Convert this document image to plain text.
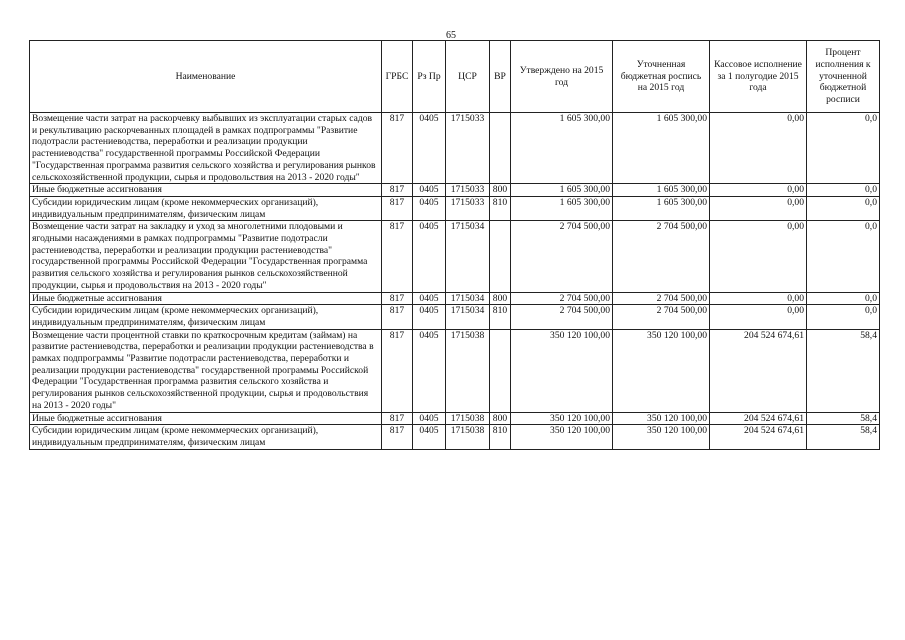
65
Наименование	ГРБС	Рз Пр	ЦСР	ВР	Утверждено на 2015 год	Уточненная бюджетная роспись на 2015 год	Кассовое исполнение за 1 полугодие 2015 года	Процент исполнения к уточненной бюджетной росписи
Возмещение части затрат на раскорчевку выбывших из эксплуатации старых садов и рекультивацию раскорчеванных площадей в рамках подпрограммы "Развитие подотрасли растениеводства, переработки и реализации продукции растениеводства" государственной программы Российской Федерации "Государственная программа развития сельского хозяйства и регулирования рынков сельскохозяйственной продукции, сырья и продовольствия на 2013 - 2020 годы"	817	0405	1715033		1 605 300,00	1 605 300,00	0,00	0,0
Иные бюджетные ассигнования	817	0405	1715033	800	1 605 300,00	1 605 300,00	0,00	0,0
Субсидии юридическим лицам (кроме некоммерческих организаций), индивидуальным предпринимателям, физическим лицам	817	0405	1715033	810	1 605 300,00	1 605 300,00	0,00	0,0
Возмещение части затрат на закладку и уход за многолетними плодовыми и ягодными насаждениями в рамках подпрограммы "Развитие подотрасли растениеводства, переработки и реализации продукции растениеводства" государственной программы Российской Федерации "Государственная программа развития сельского хозяйства и регулирования рынков сельскохозяйственной продукции, сырья и продовольствия на 2013 - 2020 годы"	817	0405	1715034		2 704 500,00	2 704 500,00	0,00	0,0
Иные бюджетные ассигнования	817	0405	1715034	800	2 704 500,00	2 704 500,00	0,00	0,0
Субсидии юридическим лицам (кроме некоммерческих организаций), индивидуальным предпринимателям, физическим лицам	817	0405	1715034	810	2 704 500,00	2 704 500,00	0,00	0,0
Возмещение части процентной ставки по краткосрочным кредитам (займам) на развитие растениеводства, переработки и реализации продукции растениеводства в рамках подпрограммы "Развитие подотрасли растениеводства, переработки и реализации продукции растениеводства" государственной программы Российской Федерации "Государственная программа развития сельского хозяйства и регулирования рынков сельскохозяйственной продукции, сырья и продовольствия на 2013 - 2020 годы"	817	0405	1715038		350 120 100,00	350 120 100,00	204 524 674,61	58,4
Иные бюджетные ассигнования	817	0405	1715038	800	350 120 100,00	350 120 100,00	204 524 674,61	58,4
Субсидии юридическим лицам (кроме некоммерческих организаций), индивидуальным предпринимателям, физическим лицам	817	0405	1715038	810	350 120 100,00	350 120 100,00	204 524 674,61	58,4
